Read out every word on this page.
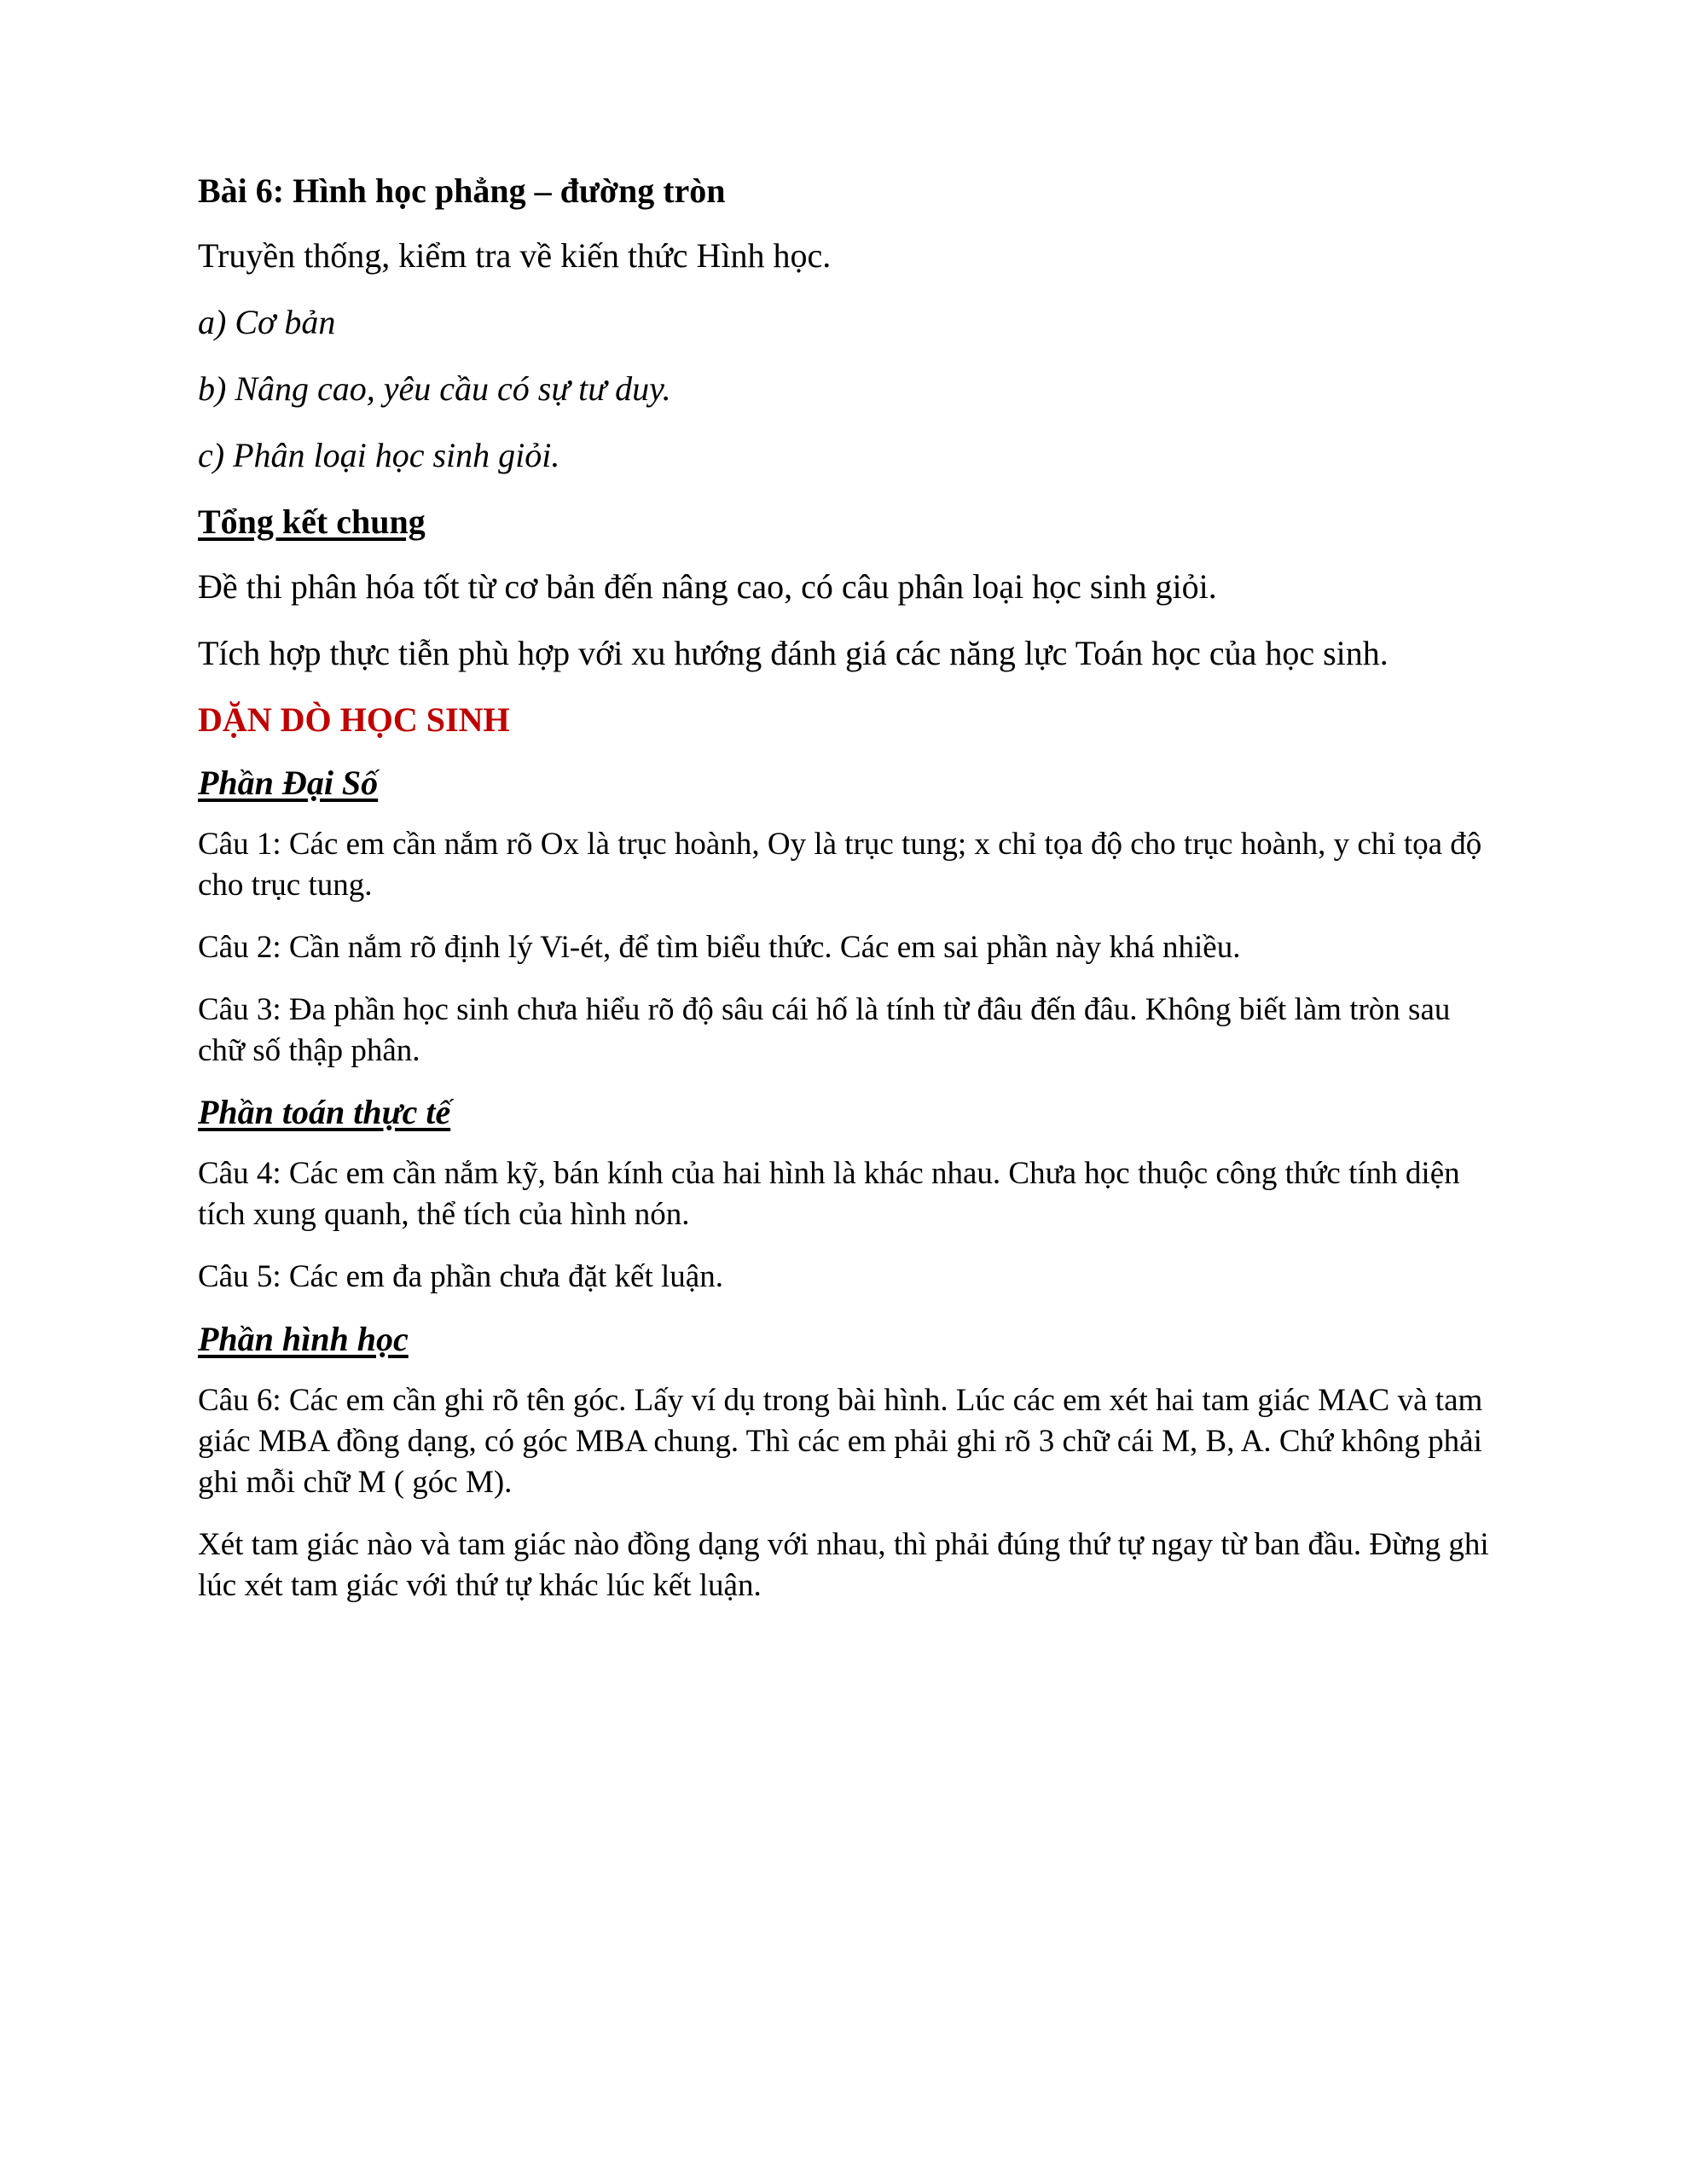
Bài 6: Hình học phẳng – đường tròn

Truyền thống, kiểm tra về kiến thức Hình học.

a) Cơ bản

b) Nâng cao, yêu cầu có sự tư duy.

c) Phân loại học sinh giỏi.

Tổng kết chung

Đề thi phân hóa tốt từ cơ bản đến nâng cao, có câu phân loại học sinh giỏi.

Tích hợp thực tiễn phù hợp với xu hướng đánh giá các năng lực Toán học của học sinh.

DẶN DÒ HỌC SINH

Phần Đại Số

Câu 1: Các em cần nắm rõ Ox là trục hoành, Oy là trục tung; x chỉ tọa độ cho trục hoành, y chỉ tọa độ cho trục tung.

Câu 2: Cần nắm rõ định lý Vi-ét, để tìm biểu thức. Các em sai phần này khá nhiều.

Câu 3: Đa phần học sinh chưa hiểu rõ độ sâu cái hố là tính từ đâu đến đâu. Không biết làm tròn sau chữ số thập phân.

Phần toán thực tế

Câu 4: Các em cần nắm kỹ, bán kính của hai hình là khác nhau. Chưa học thuộc công thức tính diện tích xung quanh, thể tích của hình nón.

Câu 5: Các em đa phần chưa đặt kết luận.

Phần hình học

Câu 6: Các em cần ghi rõ tên góc. Lấy ví dụ trong bài hình. Lúc các em xét hai tam giác MAC và tam giác MBA đồng dạng, có góc MBA chung. Thì các em phải ghi rõ 3 chữ cái M, B, A. Chứ không phải ghi mỗi chữ M ( góc M).

Xét tam giác nào và tam giác nào đồng dạng với nhau, thì phải đúng thứ tự ngay từ ban đầu. Đừng ghi lúc xét tam giác với thứ tự khác lúc kết luận.
